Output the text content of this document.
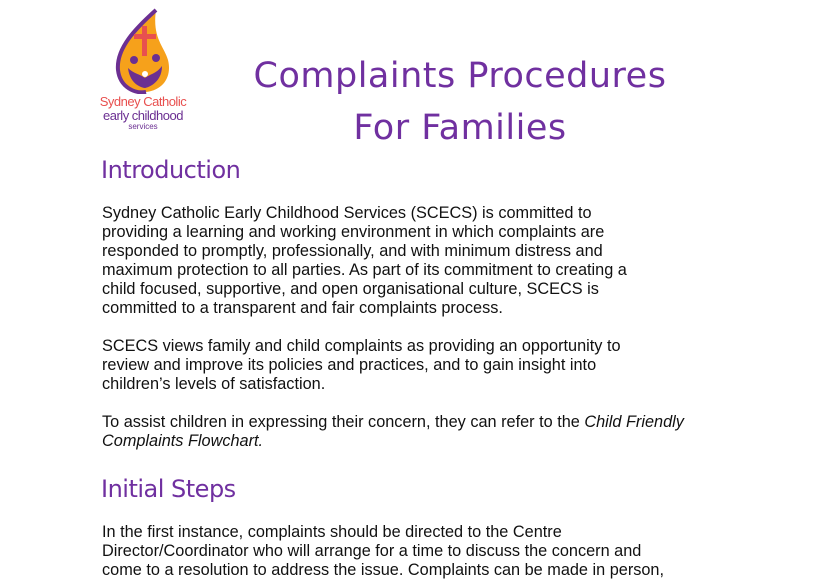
Sydney Catholic
early childhood
services
Complaints Procedures
For Families
Introduction

Sydney Catholic Early Childhood Services (SCECS) is committed to
providing a learning and working environment in which complaints are
responded to promptly, professionally, and with minimum distress and
maximum protection to all parties. As part of its commitment to creating a
child focused, supportive, and open organisational culture, SCECS is
committed to a transparent and fair complaints process.

SCECS views family and child complaints as providing an opportunity to
review and improve its policies and practices, and to gain insight into
children’s levels of satisfaction.

To assist children in expressing their concern, they can refer to the Child Friendly Complaints Flowchart.

Initial Steps

In the first instance, complaints should be directed to the Centre
Director/Coordinator who will arrange for a time to discuss the concern and
come to a resolution to address the issue. Complaints can be made in person,
